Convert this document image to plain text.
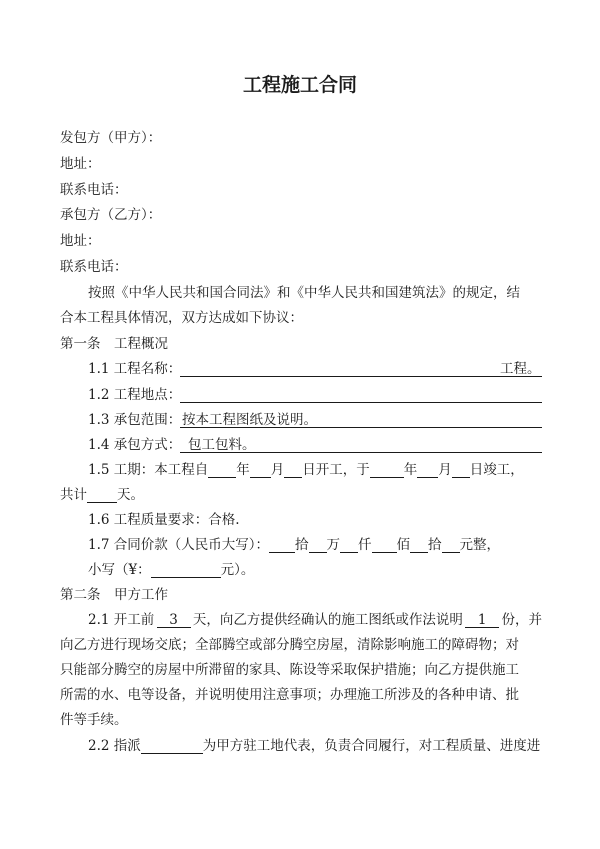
工程施工合同
发包方（甲方）：
地址：
联系电话：
承包方（乙方）：
地址：
联系电话：
按照《中华人民共和国合同法》和《中华人民共和国建筑法》的规定，结
合本工程具体情况，双方达成如下协议：
第一条　工程概况
1.1 工程名称：	工程。
1.2 工程地点：
1.3 承包范围： 按本工程图纸及说明。
1.4 承包方式： 包工包料。
1.5 工期：本工程自 年 月 日开工，于	年 月 日竣工，
共计 天。
1.6 工程质量要求：合格.
1.7 合同价款（人民币大写）： 拾 万 仟 佰 拾 元整，
小写（¥：	元）。
第二条　甲方工作
2.1 开工前	3	天，向乙方提供经确认的施工图纸或作法说明	1	份，并
向乙方进行现场交底；全部腾空或部分腾空房屋，清除影响施工的障碍物；对
只能部分腾空的房屋中所滞留的家具、陈设等采取保护措施；向乙方提供施工
所需的水、电等设备，并说明使用注意事项；办理施工所涉及的各种申请、批
件等手续。
2.2 指派	为甲方驻工地代表，负责合同履行，对工程质量、进度进
